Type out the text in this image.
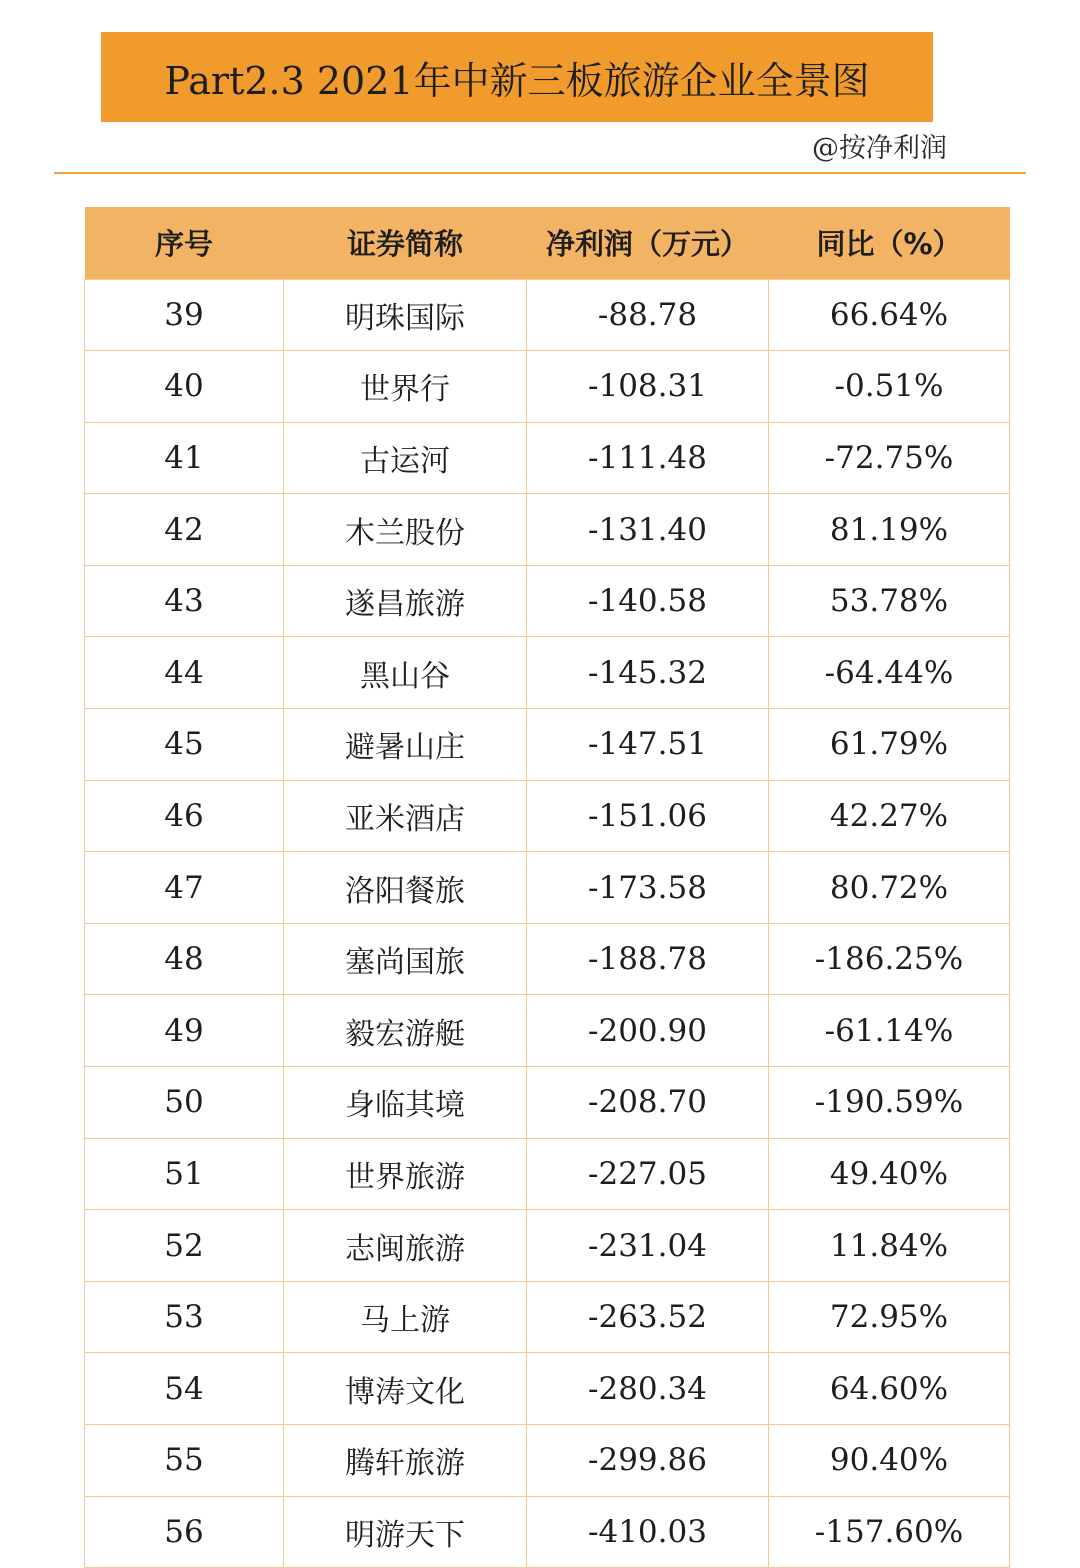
Part2.3 2021年中新三板旅游企业全景图
@按净利润
序号	证券简称	净利润（万元）	同比（%）
39	明珠国际	-88.78	66.64%
40	世界行	-108.31	-0.51%
41	古运河	-111.48	-72.75%
42	木兰股份	-131.40	81.19%
43	遂昌旅游	-140.58	53.78%
44	黑山谷	-145.32	-64.44%
45	避暑山庄	-147.51	61.79%
46	亚米酒店	-151.06	42.27%
47	洛阳餐旅	-173.58	80.72%
48	塞尚国旅	-188.78	-186.25%
49	毅宏游艇	-200.90	-61.14%
50	身临其境	-208.70	-190.59%
51	世界旅游	-227.05	49.40%
52	志闽旅游	-231.04	11.84%
53	马上游	-263.52	72.95%
54	博涛文化	-280.34	64.60%
55	腾轩旅游	-299.86	90.40%
56	明游天下	-410.03	-157.60%
